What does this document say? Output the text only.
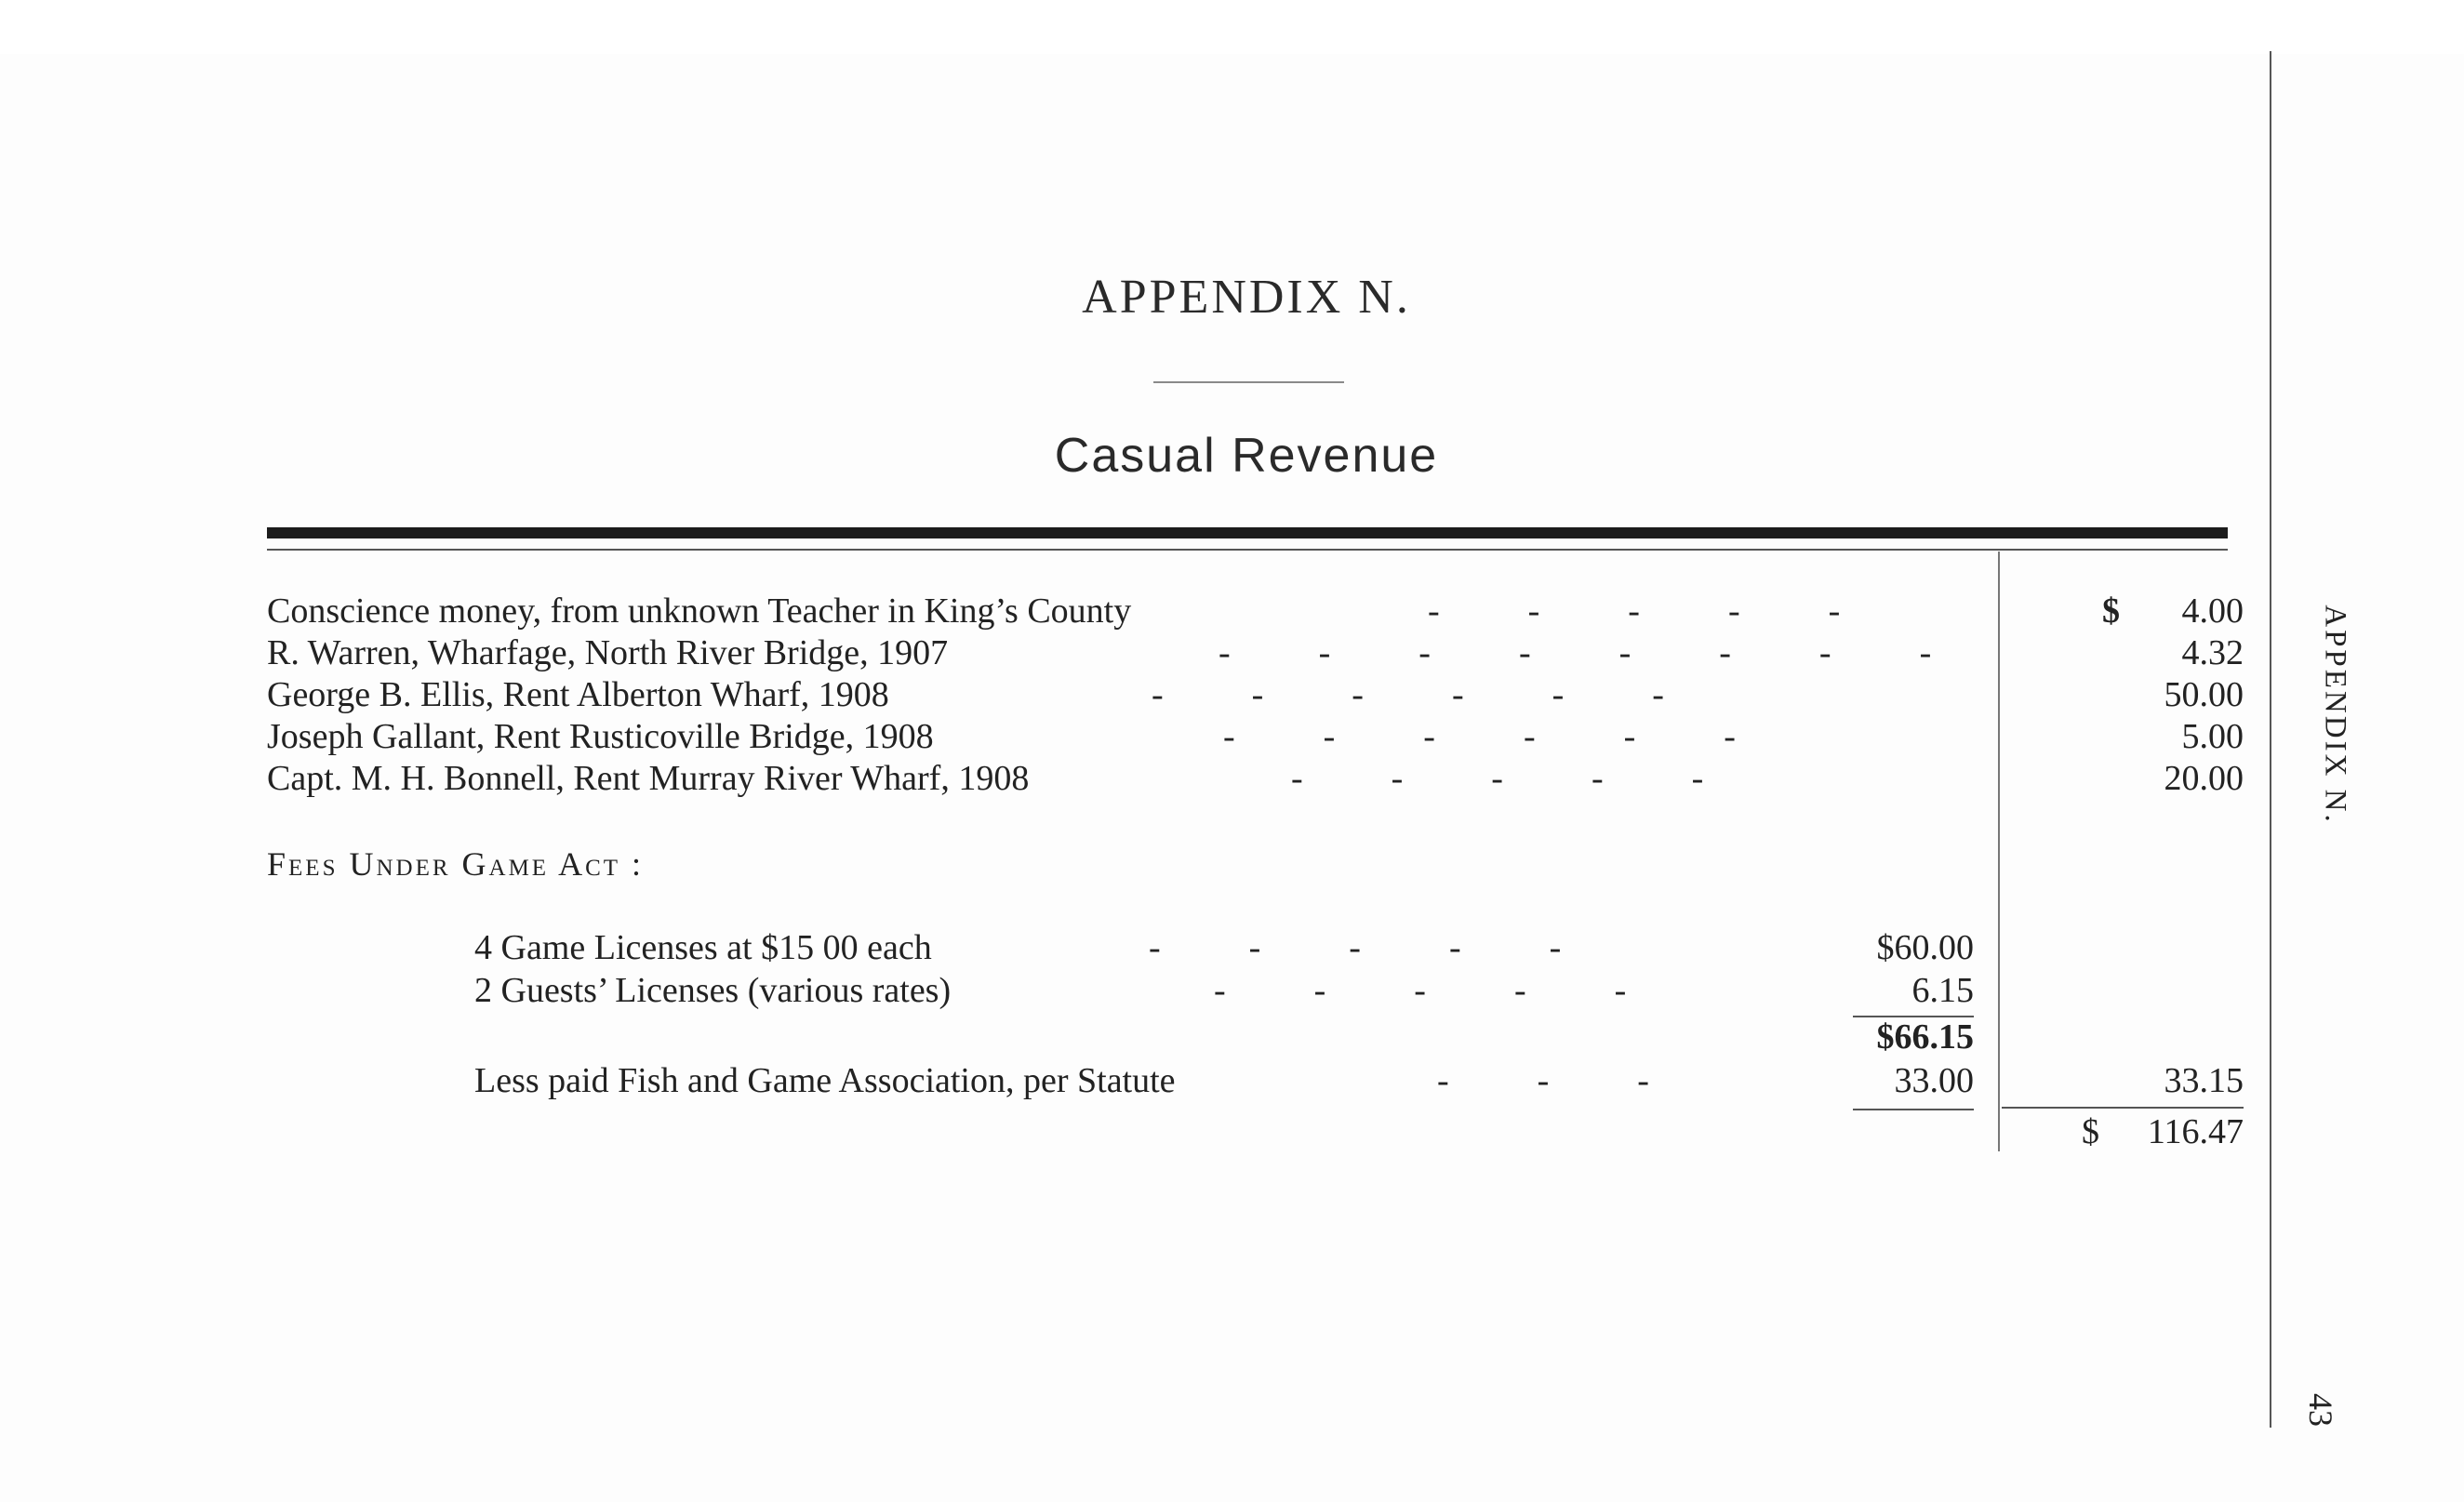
APPENDIX N.
Casual Revenue
Conscience money, from unknown Teacher in King’s County	-          -          -          -          -	$ 4.00
R. Warren, Wharfage, North River Bridge, 1907	-          -          -          -          -          -          -          -	4.32
George B. Ellis, Rent Alberton Wharf, 1908	-          -          -          -          -          -	50.00
Joseph Gallant, Rent Rusticoville Bridge, 1908	-          -          -          -          -          -	5.00
Capt. M. H. Bonnell, Rent Murray River Wharf, 1908	-          -          -          -          -	20.00
Fees Under Game Act :
4 Game Licenses at $15 00 each	-          -          -          -          -	$60.00
2 Guests’ Licenses (various rates)	-          -          -          -          -	6.15
$66.15
Less paid Fish and Game Association, per Statute	-          -          -	33.00	33.15
$ 116.47
APPENDIX N.
43
